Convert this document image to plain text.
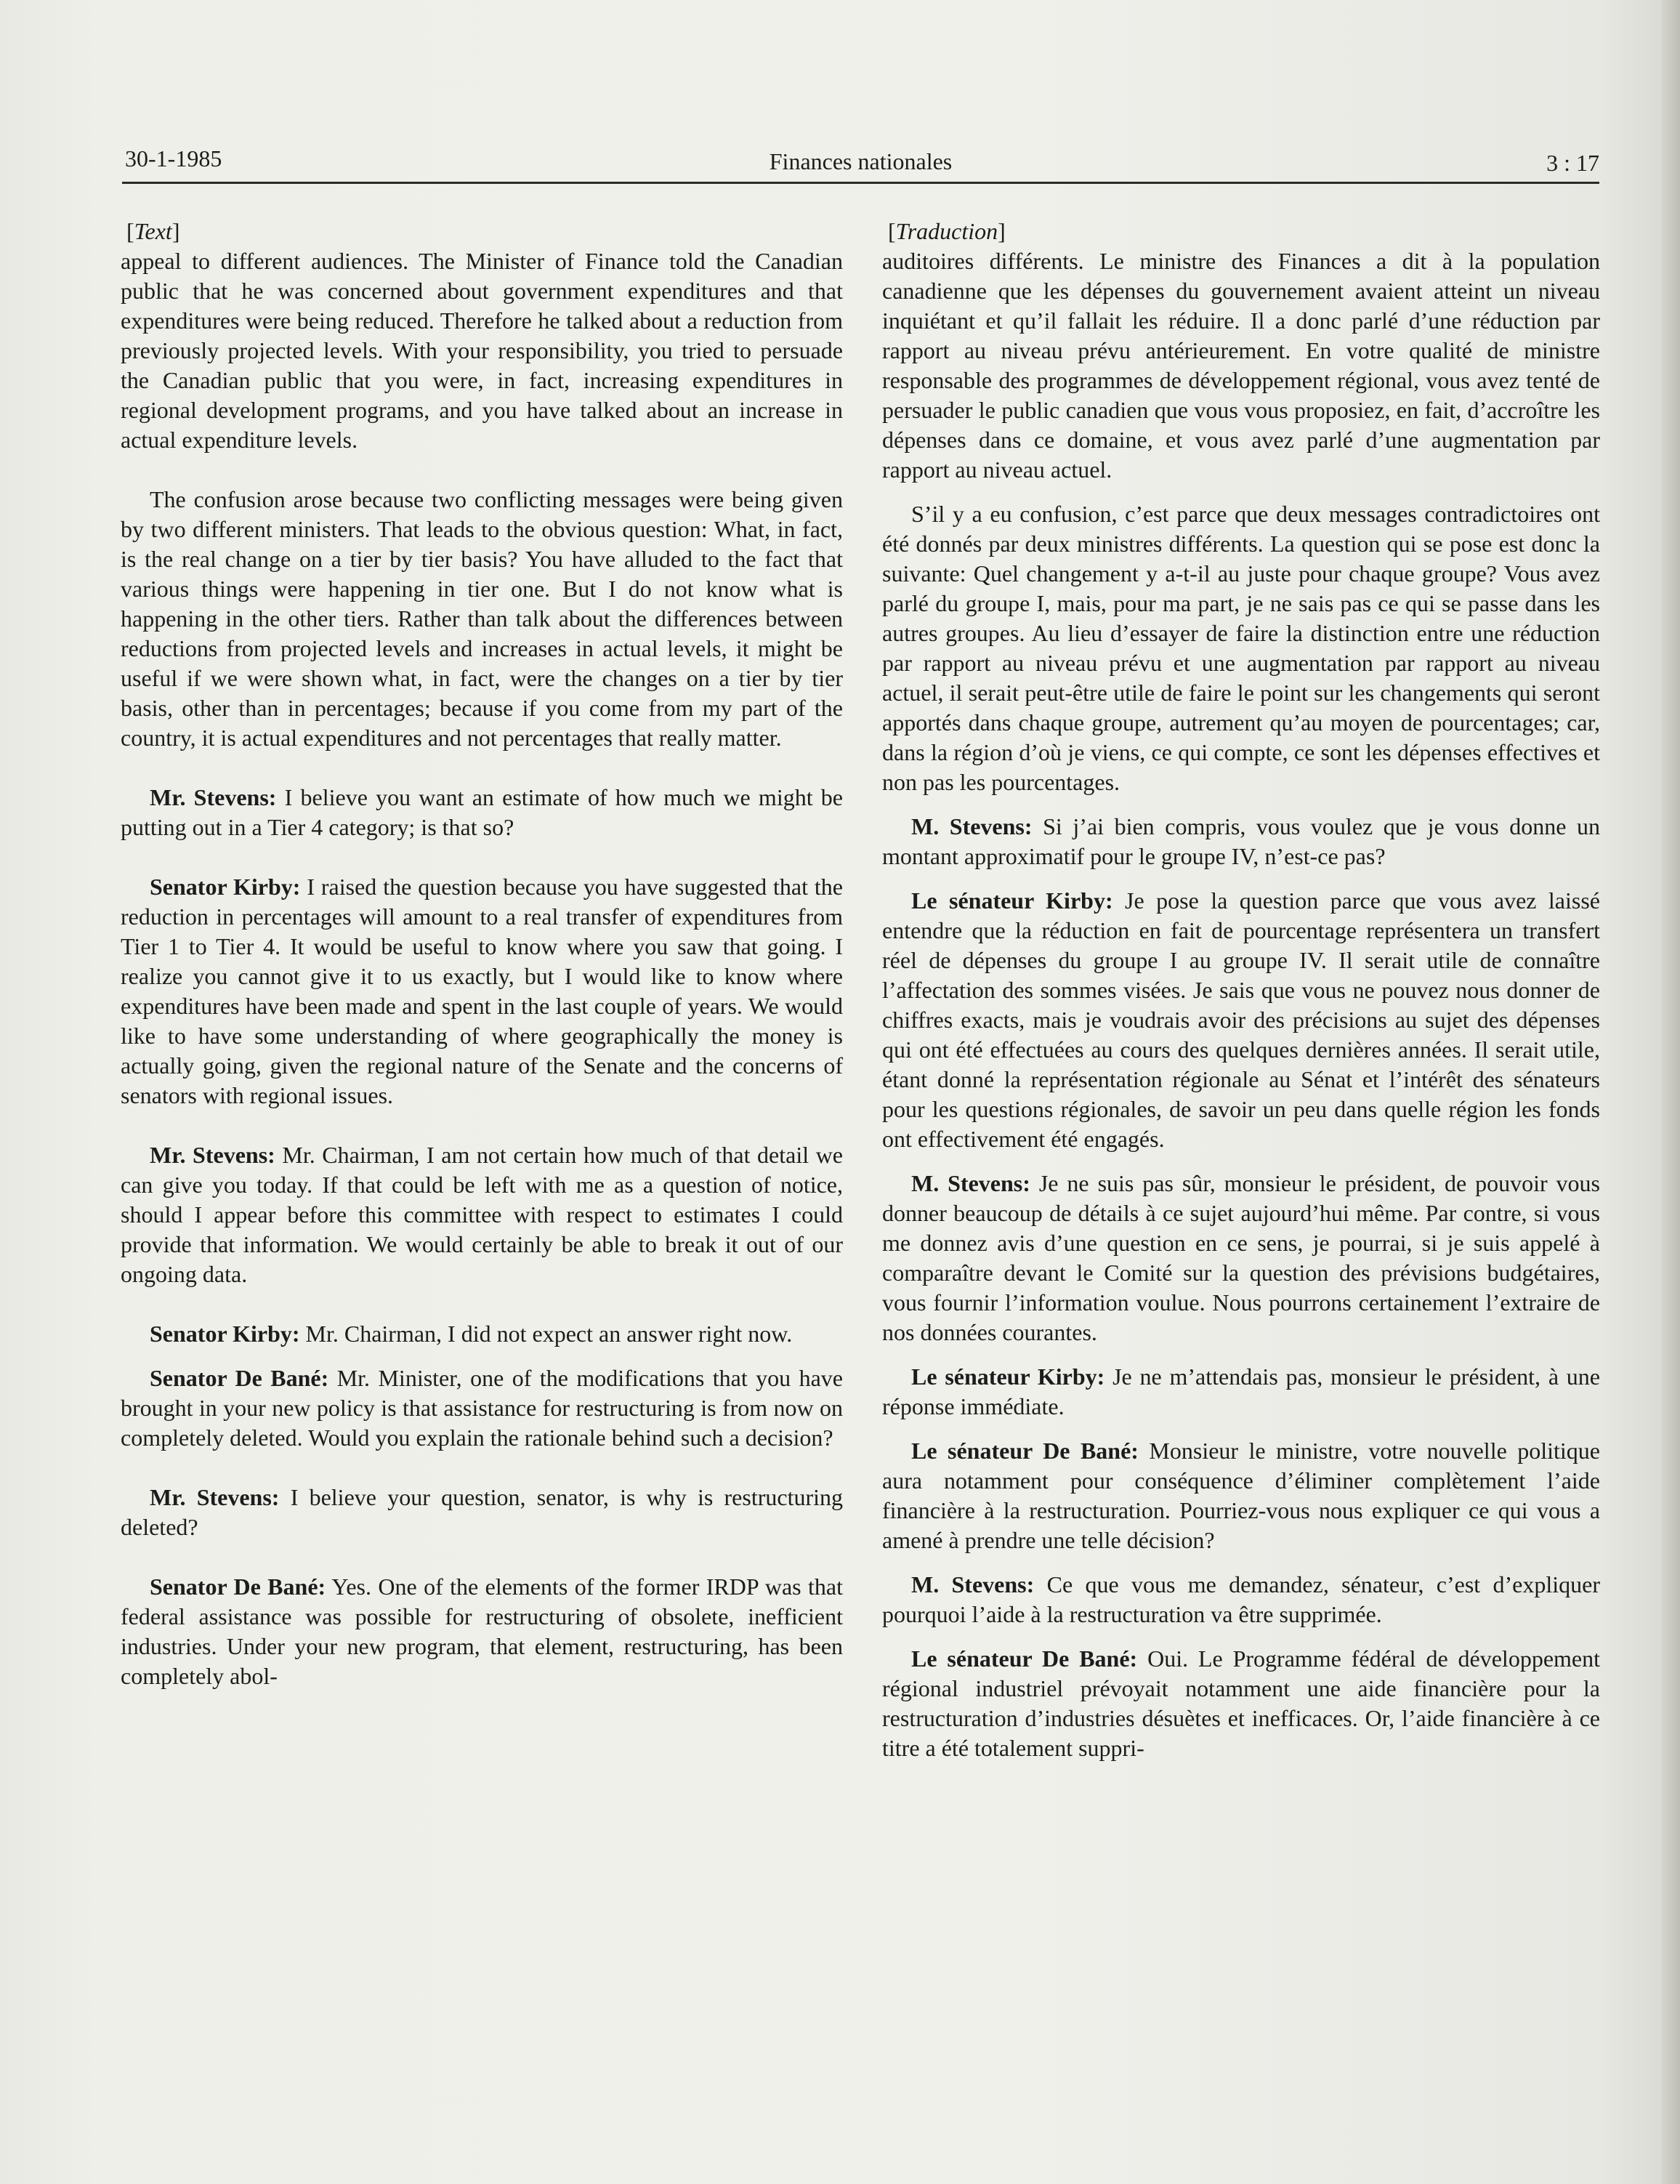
30-1-1985	Finances nationales	3 : 17
[Text]

appeal to different audiences. The Minister of Finance told the Canadian public that he was concerned about government expenditures and that expenditures were being reduced. Therefore he talked about a reduction from previously projected levels. With your responsibility, you tried to persuade the Canadian public that you were, in fact, increasing expenditures in regional development programs, and you have talked about an increase in actual expenditure levels.

The confusion arose because two conflicting messages were being given by two different ministers. That leads to the obvious question: What, in fact, is the real change on a tier by tier basis? You have alluded to the fact that various things were happening in tier one. But I do not know what is happening in the other tiers. Rather than talk about the differences between reductions from projected levels and increases in actual levels, it might be useful if we were shown what, in fact, were the changes on a tier by tier basis, other than in percentages; because if you come from my part of the country, it is actual expenditures and not percentages that really matter.

Mr. Stevens: I believe you want an estimate of how much we might be putting out in a Tier 4 category; is that so?

Senator Kirby: I raised the question because you have suggested that the reduction in percentages will amount to a real transfer of expenditures from Tier 1 to Tier 4. It would be useful to know where you saw that going. I realize you cannot give it to us exactly, but I would like to know where expenditures have been made and spent in the last couple of years. We would like to have some understanding of where geographically the money is actually going, given the regional nature of the Senate and the concerns of senators with regional issues.

Mr. Stevens: Mr. Chairman, I am not certain how much of that detail we can give you today. If that could be left with me as a question of notice, should I appear before this committee with respect to estimates I could provide that information. We would certainly be able to break it out of our ongoing data.

Senator Kirby: Mr. Chairman, I did not expect an answer right now.

Senator De Bané: Mr. Minister, one of the modifications that you have brought in your new policy is that assistance for restructuring is from now on completely deleted. Would you explain the rationale behind such a decision?

Mr. Stevens: I believe your question, senator, is why is restructuring deleted?

Senator De Bané: Yes. One of the elements of the former IRDP was that federal assistance was possible for restructuring of obsolete, inefficient industries. Under your new program, that element, restructuring, has been completely abol-

[Traduction]

auditoires différents. Le ministre des Finances a dit à la population canadienne que les dépenses du gouvernement avaient atteint un niveau inquiétant et qu’il fallait les réduire. Il a donc parlé d’une réduction par rapport au niveau prévu antérieurement. En votre qualité de ministre responsable des programmes de développement régional, vous avez tenté de persuader le public canadien que vous vous proposiez, en fait, d’accroître les dépenses dans ce domaine, et vous avez parlé d’une augmentation par rapport au niveau actuel.

S’il y a eu confusion, c’est parce que deux messages contradictoires ont été donnés par deux ministres différents. La question qui se pose est donc la suivante: Quel changement y a-t-il au juste pour chaque groupe? Vous avez parlé du groupe I, mais, pour ma part, je ne sais pas ce qui se passe dans les autres groupes. Au lieu d’essayer de faire la distinction entre une réduction par rapport au niveau prévu et une augmentation par rapport au niveau actuel, il serait peut-être utile de faire le point sur les changements qui seront apportés dans chaque groupe, autrement qu’au moyen de pourcentages; car, dans la région d’où je viens, ce qui compte, ce sont les dépenses effectives et non pas les pourcentages.

M. Stevens: Si j’ai bien compris, vous voulez que je vous donne un montant approximatif pour le groupe IV, n’est-ce pas?

Le sénateur Kirby: Je pose la question parce que vous avez laissé entendre que la réduction en fait de pourcentage représentera un transfert réel de dépenses du groupe I au groupe IV. Il serait utile de connaître l’affectation des sommes visées. Je sais que vous ne pouvez nous donner de chiffres exacts, mais je voudrais avoir des précisions au sujet des dépenses qui ont été effectuées au cours des quelques dernières années. Il serait utile, étant donné la représentation régionale au Sénat et l’intérêt des sénateurs pour les questions régionales, de savoir un peu dans quelle région les fonds ont effectivement été engagés.

M. Stevens: Je ne suis pas sûr, monsieur le président, de pouvoir vous donner beaucoup de détails à ce sujet aujourd’hui même. Par contre, si vous me donnez avis d’une question en ce sens, je pourrai, si je suis appelé à comparaître devant le Comité sur la question des prévisions budgétaires, vous fournir l’information voulue. Nous pourrons certainement l’extraire de nos données courantes.

Le sénateur Kirby: Je ne m’attendais pas, monsieur le président, à une réponse immédiate.

Le sénateur De Bané: Monsieur le ministre, votre nouvelle politique aura notamment pour conséquence d’éliminer complètement l’aide financière à la restructuration. Pourriez-vous nous expliquer ce qui vous a amené à prendre une telle décision?

M. Stevens: Ce que vous me demandez, sénateur, c’est d’expliquer pourquoi l’aide à la restructuration va être supprimée.

Le sénateur De Bané: Oui. Le Programme fédéral de développement régional industriel prévoyait notamment une aide financière pour la restructuration d’industries désuètes et inefficaces. Or, l’aide financière à ce titre a été totalement suppri-
